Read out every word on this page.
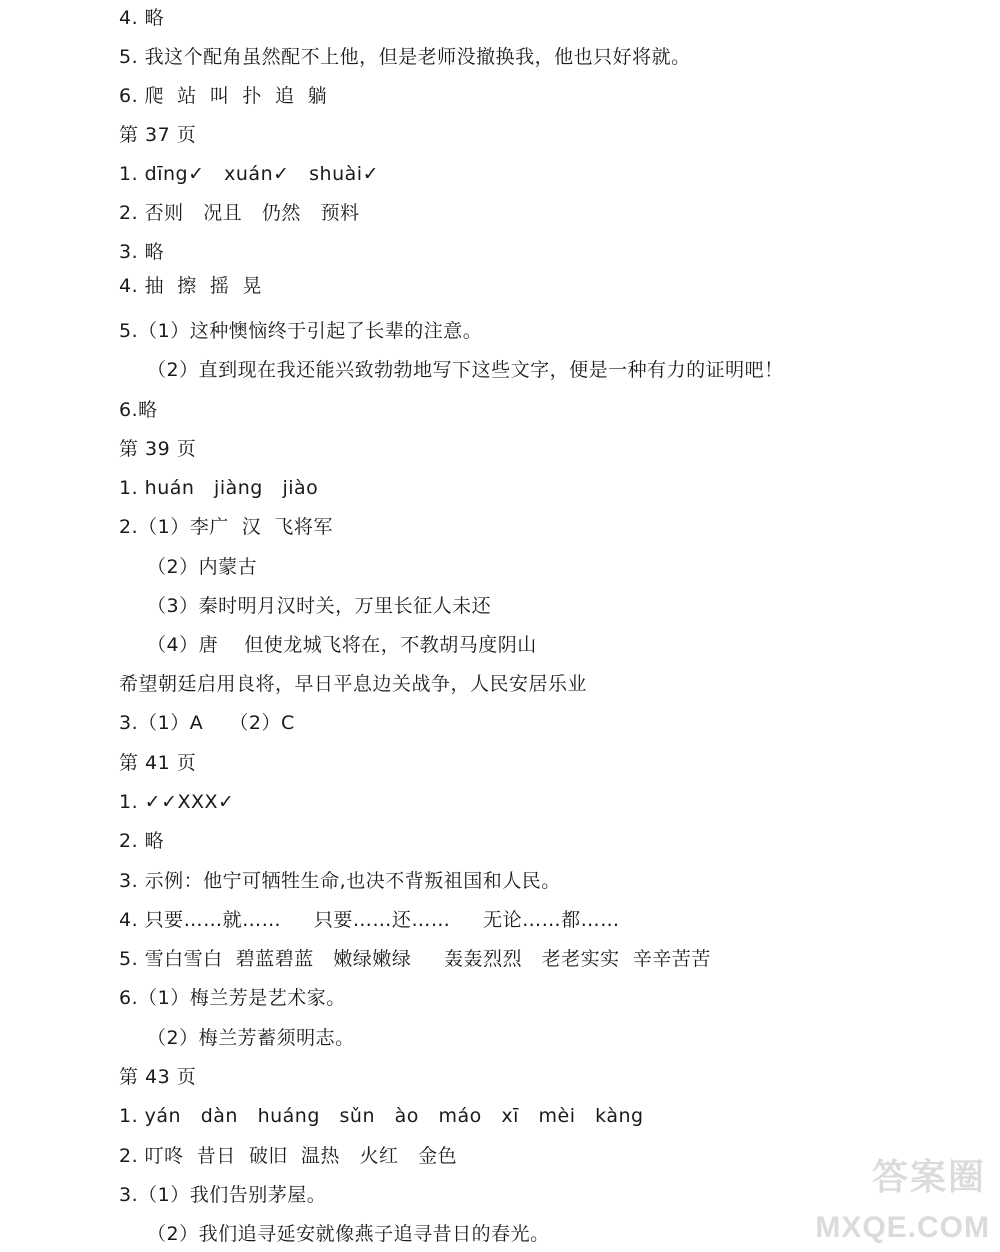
4. 略
5. 我这个配角虽然配不上他，但是老师没撤换我，他也只好将就。
6. 爬  站  叫  扑  追  躺
第 37 页
1. dīng✓   xuán✓   shuài✓
2. 否则   况且   仍然   预料
3. 略
4. 抽  擦  摇  晃
5.（1）这种懊恼终于引起了长辈的注意。
（2）直到现在我还能兴致勃勃地写下这些文字，便是一种有力的证明吧！
6.略
第 39 页
1. huán   jiàng   jiào
2.（1）李广  汉  飞将军
（2）内蒙古
（3）秦时明月汉时关，万里长征人未还
（4）唐    但使龙城飞将在，不教胡马度阴山
希望朝廷启用良将，早日平息边关战争，人民安居乐业
3.（1）A    （2）C
第 41 页
1. ✓✓XXX✓
2. 略
3. 示例：他宁可牺牲生命,也决不背叛祖国和人民。
4. 只要……就……     只要……还……     无论……都……
5. 雪白雪白  碧蓝碧蓝   嫩绿嫩绿     轰轰烈烈   老老实实  辛辛苦苦
6.（1）梅兰芳是艺术家。
（2）梅兰芳蓄须明志。
第 43 页
1. yán   dàn   huáng   sǔn   ào   máo   xī   mèi   kàng
2. 叮咚  昔日  破旧  温热   火红   金色
3.（1）我们告别茅屋。
（2）我们追寻延安就像燕子追寻昔日的春光。
答案圈
MXQE.COM
